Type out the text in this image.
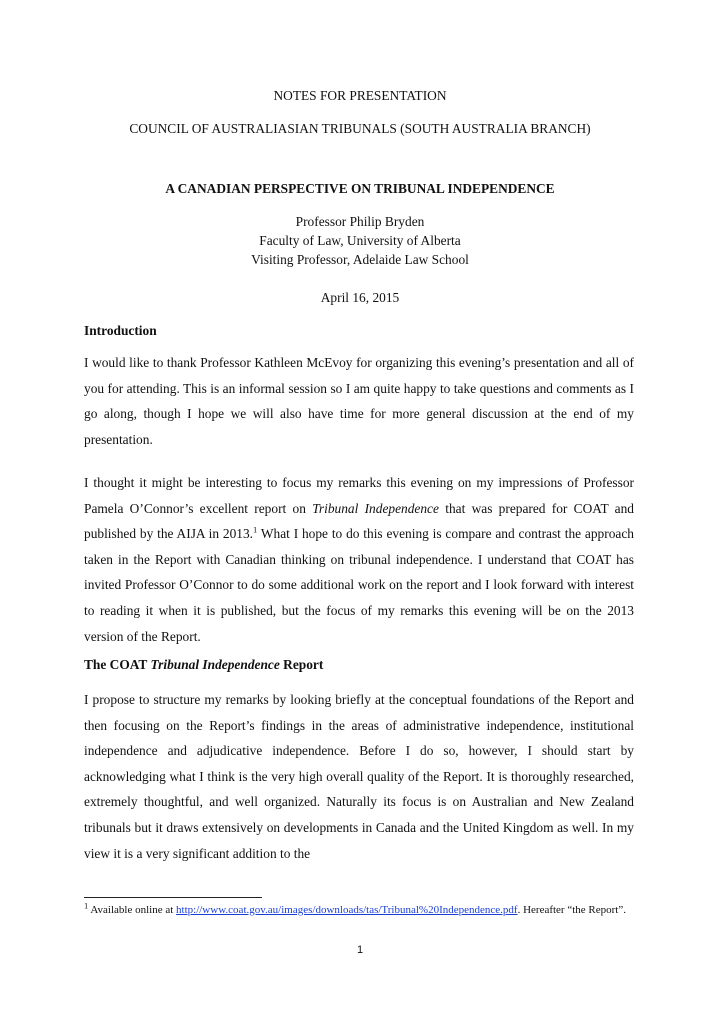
NOTES FOR PRESENTATION
COUNCIL OF AUSTRALIASIAN TRIBUNALS (SOUTH AUSTRALIA BRANCH)
A CANADIAN PERSPECTIVE ON TRIBUNAL INDEPENDENCE
Professor Philip Bryden
Faculty of Law, University of Alberta
Visiting Professor, Adelaide Law School
April 16, 2015
Introduction

I would like to thank Professor Kathleen McEvoy for organizing this evening’s presentation and all of you for attending. This is an informal session so I am quite happy to take questions and comments as I go along, though I hope we will also have time for more general discussion at the end of my presentation.

I thought it might be interesting to focus my remarks this evening on my impressions of Professor Pamela O’Connor’s excellent report on Tribunal Independence that was prepared for COAT and published by the AIJA in 2013.$^1$ What I hope to do this evening is compare and contrast the approach taken in the Report with Canadian thinking on tribunal independence. I understand that COAT has invited Professor O’Connor to do some additional work on the report and I look forward with interest to reading it when it is published, but the focus of my remarks this evening will be on the 2013 version of the Report.

The COAT Tribunal Independence Report

I propose to structure my remarks by looking briefly at the conceptual foundations of the Report and then focusing on the Report’s findings in the areas of administrative independence, institutional independence and adjudicative independence. Before I do so, however, I should start by acknowledging what I think is the very high overall quality of the Report. It is thoroughly researched, extremely thoughtful, and well organized. Naturally its focus is on Australian and New Zealand tribunals but it draws extensively on developments in Canada and the United Kingdom as well. In my view it is a very significant addition to the

$^1$ Available online at http://www.coat.gov.au/images/downloads/tas/Tribunal%20Independence.pdf. Hereafter “the Report”.
1
